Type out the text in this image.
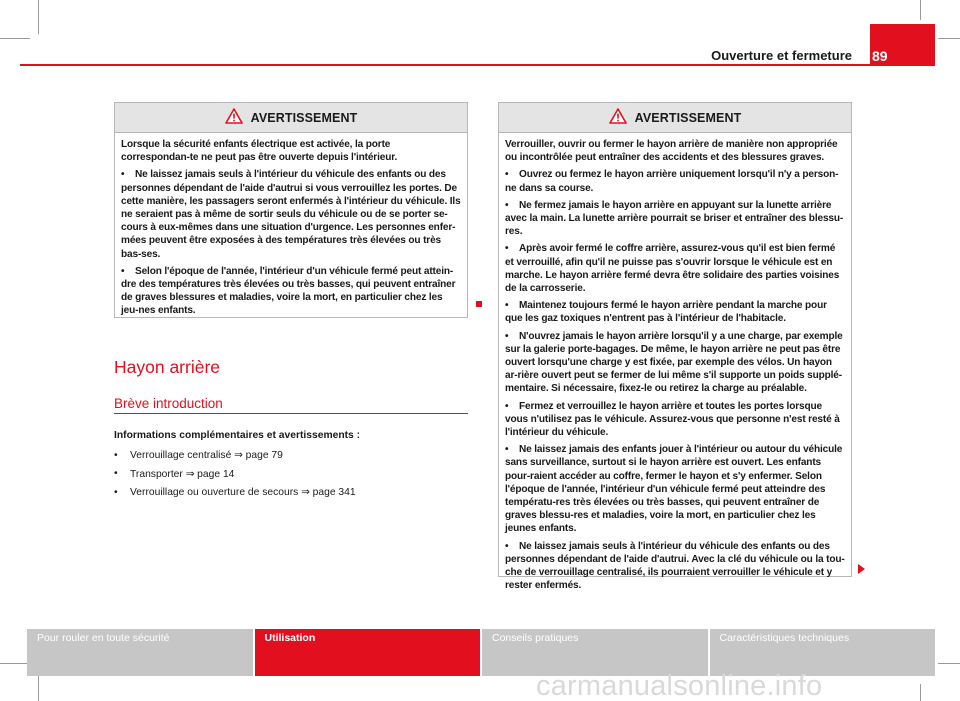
89
Ouverture et fermeture
AVERTISSEMENT

Lorsque la sécurité enfants électrique est activée, la porte correspondan-te ne peut pas être ouverte depuis l'intérieur.

• Ne laissez jamais seuls à l'intérieur du véhicule des enfants ou des personnes dépendant de l'aide d'autrui si vous verrouillez les portes. De cette manière, les passagers seront enfermés à l'intérieur du véhicule. Ils ne seraient pas à même de sortir seuls du véhicule ou de se porter se-cours à eux-mêmes dans une situation d'urgence. Les personnes enfer-mées peuvent être exposées à des températures très élevées ou très bas-ses.

• Selon l'époque de l'année, l'intérieur d'un véhicule fermé peut attein-dre des températures très élevées ou très basses, qui peuvent entraîner de graves blessures et maladies, voire la mort, en particulier chez les jeu-nes enfants.

Hayon arrière
Brève introduction
Informations complémentaires et avertissements :
•	Verrouillage centralisé ⇒ page 79
•	Transporter ⇒ page 14
•	Verrouillage ou ouverture de secours ⇒ page 341
AVERTISSEMENT

Verrouiller, ouvrir ou fermer le hayon arrière de manière non appropriée ou incontrôlée peut entraîner des accidents et des blessures graves.

• Ouvrez ou fermez le hayon arrière uniquement lorsqu'il n'y a person-ne dans sa course.

• Ne fermez jamais le hayon arrière en appuyant sur la lunette arrière avec la main. La lunette arrière pourrait se briser et entraîner des blessu-res.

• Après avoir fermé le coffre arrière, assurez-vous qu'il est bien fermé et verrouillé, afin qu'il ne puisse pas s'ouvrir lorsque le véhicule est en marche. Le hayon arrière fermé devra être solidaire des parties voisines de la carrosserie.

• Maintenez toujours fermé le hayon arrière pendant la marche pour que les gaz toxiques n'entrent pas à l'intérieur de l'habitacle.

• N'ouvrez jamais le hayon arrière lorsqu'il y a une charge, par exemple sur la galerie porte-bagages. De même, le hayon arrière ne peut pas être ouvert lorsqu'une charge y est fixée, par exemple des vélos. Un hayon ar-rière ouvert peut se fermer de lui même s'il supporte un poids supplé-mentaire. Si nécessaire, fixez-le ou retirez la charge au préalable.

• Fermez et verrouillez le hayon arrière et toutes les portes lorsque vous n'utilisez pas le véhicule. Assurez-vous que personne n'est resté à l'intérieur du véhicule.

• Ne laissez jamais des enfants jouer à l'intérieur ou autour du véhicule sans surveillance, surtout si le hayon arrière est ouvert. Les enfants pour-raient accéder au coffre, fermer le hayon et s'y enfermer. Selon l'époque de l'année, l'intérieur d'un véhicule fermé peut atteindre des températu-res très élevées ou très basses, qui peuvent entraîner de graves blessu-res et maladies, voire la mort, en particulier chez les jeunes enfants.

• Ne laissez jamais seuls à l'intérieur du véhicule des enfants ou des personnes dépendant de l'aide d'autrui. Avec la clé du véhicule ou la tou-che de verrouillage centralisé, ils pourraient verrouiller le véhicule et y rester enfermés.

Pour rouler en toute sécurité	Utilisation	Conseils pratiques	Caractéristiques techniques
carmanualsonline.info
